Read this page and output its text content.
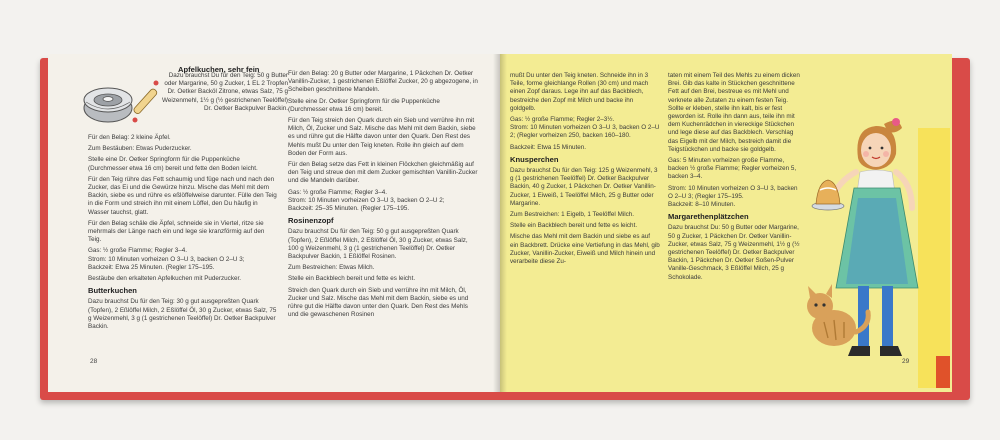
Apfelkuchen, sehr fein

Dazu brauchst Du für den Teig: 50 g Butter oder Margarine, 50 g Zucker, 1 EL 2 Tropfen Dr. Oetker Backöl Zitrone, etwas Salz, 75 g Weizenmehl, 1½ g (½ gestrichenen Teelöffel) Dr. Oetker Backpulver Backin.

Für den Belag: 2 kleine Äpfel.

Zum Bestäuben: Etwas Puderzucker.

Stelle eine Dr. Oetker Springform für die Puppenküche (Durchmesser etwa 16 cm) bereit und fette den Boden leicht.

Für den Teig rühre das Fett schaumig und füge nach und nach den Zucker, das Ei und die Gewürze hinzu. Mische das Mehl mit dem Backin, siebe es und rühre es eßlöffelweise darunter. Fülle den Teig in die Form und streich ihn mit einem Löffel, den Du häufig in Wasser tauchst, glatt.

Für den Belag schäle die Äpfel, schneide sie in Viertel, ritze sie mehrmals der Länge nach ein und lege sie kranzförmig auf den Teig.

Gas: ½ große Flamme; Regler 3–4.

Strom: 10 Minuten vorheizen O 3–U 3, backen O 2–U 3;

Backzeit: Etwa 25 Minuten. (Regler 175–195.

Bestäube den erkalteten Apfelkuchen mit Puderzucker.

Butterkuchen

Dazu brauchst Du für den Teig: 30 g gut ausgepreßten Quark (Topfen), 2 Eßlöffel Milch, 2 Eßlöffel Öl, 30 g Zucker, etwas Salz, 75 g Weizenmehl, 3 g (1 gestrichenen Teelöffel) Dr. Oetker Backpulver Backin.

Für den Belag: 20 g Butter oder Margarine, 1 Päckchen Dr. Oetker Vanillin-Zucker, 1 gestrichenen Eßlöffel Zucker, 20 g abgezogene, in Scheiben geschnittene Mandeln.

Stelle eine Dr. Oetker Springform für die Puppenküche (Durchmesser etwa 16 cm) bereit.

Für den Teig streich den Quark durch ein Sieb und verrühre ihn mit Milch, Öl, Zucker und Salz. Mische das Mehl mit dem Backin, siebe es und rühre gut die Hälfte davon unter den Quark. Den Rest des Mehls mußt Du unter den Teig kneten. Rolle ihn gleich auf dem Boden der Form aus.

Für den Belag setze das Fett in kleinen Flöckchen gleichmäßig auf den Teig und streue den mit dem Zucker gemischten Vanillin-Zucker und die Mandeln darüber.

Gas: ½ große Flamme; Regler 3–4.

Strom: 10 Minuten vorheizen O 3–U 3, backen O 2–U 2;

Backzeit: 25–35 Minuten. (Regler 175–195.

Rosinenzopf

Dazu brauchst Du für den Teig: 50 g gut ausgepreßten Quark (Topfen), 2 Eßlöffel Milch, 2 Eßlöffel Öl, 30 g Zucker, etwas Salz, 100 g Weizenmehl, 3 g (1 gestrichenen Teelöffel) Dr. Oetker Backpulver Backin, 1 Eßlöffel Rosinen.

Zum Bestreichen: Etwas Milch.

Stelle ein Backblech bereit und fette es leicht.

Streich den Quark durch ein Sieb und verrühre ihn mit Milch, Öl, Zucker und Salz. Mische das Mehl mit dem Backin, siebe es und rühre gut die Hälfte davon unter den Quark. Den Rest des Mehls und die gewaschenen Rosinen

28

mußt Du unter den Teig kneten. Schneide ihn in 3 Teile, forme gleichlange Rollen (30 cm) und mach einen Zopf daraus. Lege ihn auf das Backblech, bestreiche den Zopf mit Milch und backe ihn goldgelb.

Gas: ½ große Flamme; Regler 2–3½.

Strom: 10 Minuten vorheizen O 3–U 3, backen O 2–U 2; (Regler vorheizen 250, backen 160–180.

Backzeit: Etwa 15 Minuten.

Knusperchen

Dazu brauchst Du für den Teig: 125 g Weizenmehl, 3 g (1 gestrichenen Teelöffel) Dr. Oetker Backpulver Backin, 40 g Zucker, 1 Päckchen Dr. Oetker Vanillin-Zucker, 1 Eiweiß, 1 Teelöffel Milch, 25 g Butter oder Margarine.

Zum Bestreichen: 1 Eigelb, 1 Teelöffel Milch.

Stelle ein Backblech bereit und fette es leicht.

Mische das Mehl mit dem Backin und siebe es auf ein Backbrett. Drücke eine Vertiefung in das Mehl, gib Zucker, Vanillin-Zucker, Eiweiß und Milch hinein und verarbeite diese Zu-

taten mit einem Teil des Mehls zu einem dicken Brei. Gib das kalte in Stückchen geschnittene Fett auf den Brei, bestreue es mit Mehl und verknete alle Zutaten zu einem festen Teig. Sollte er kleben, stelle ihn kalt, bis er fest geworden ist. Rolle ihn dann aus, teile ihn mit dem Kuchenrädchen in viereckige Stückchen und lege diese auf das Backblech. Verschlag das Eigelb mit der Milch, bestreich damit die Teigstückchen und backe sie goldgelb.

Gas: 5 Minuten vorheizen große Flamme, backen ½ große Flamme; Regler vorheizen 5, backen 3–4.

Strom: 10 Minuten vorheizen O 3–U 3, backen O 2–U 3; (Regler 175–195.

Backzeit: 8–10 Minuten.

Margarethenplätzchen

Dazu brauchst Du: 50 g Butter oder Margarine, 50 g Zucker, 1 Päckchen Dr. Oetker Vanillin-Zucker, etwas Salz, 75 g Weizenmehl, 1½ g (½ gestrichenen Teelöffel) Dr. Oetker Backpulver Backin, 1 Päckchen Dr. Oetker Soßen-Pulver Vanille-Geschmack, 3 Eßlöffel Milch, 25 g Schokolade.

29
